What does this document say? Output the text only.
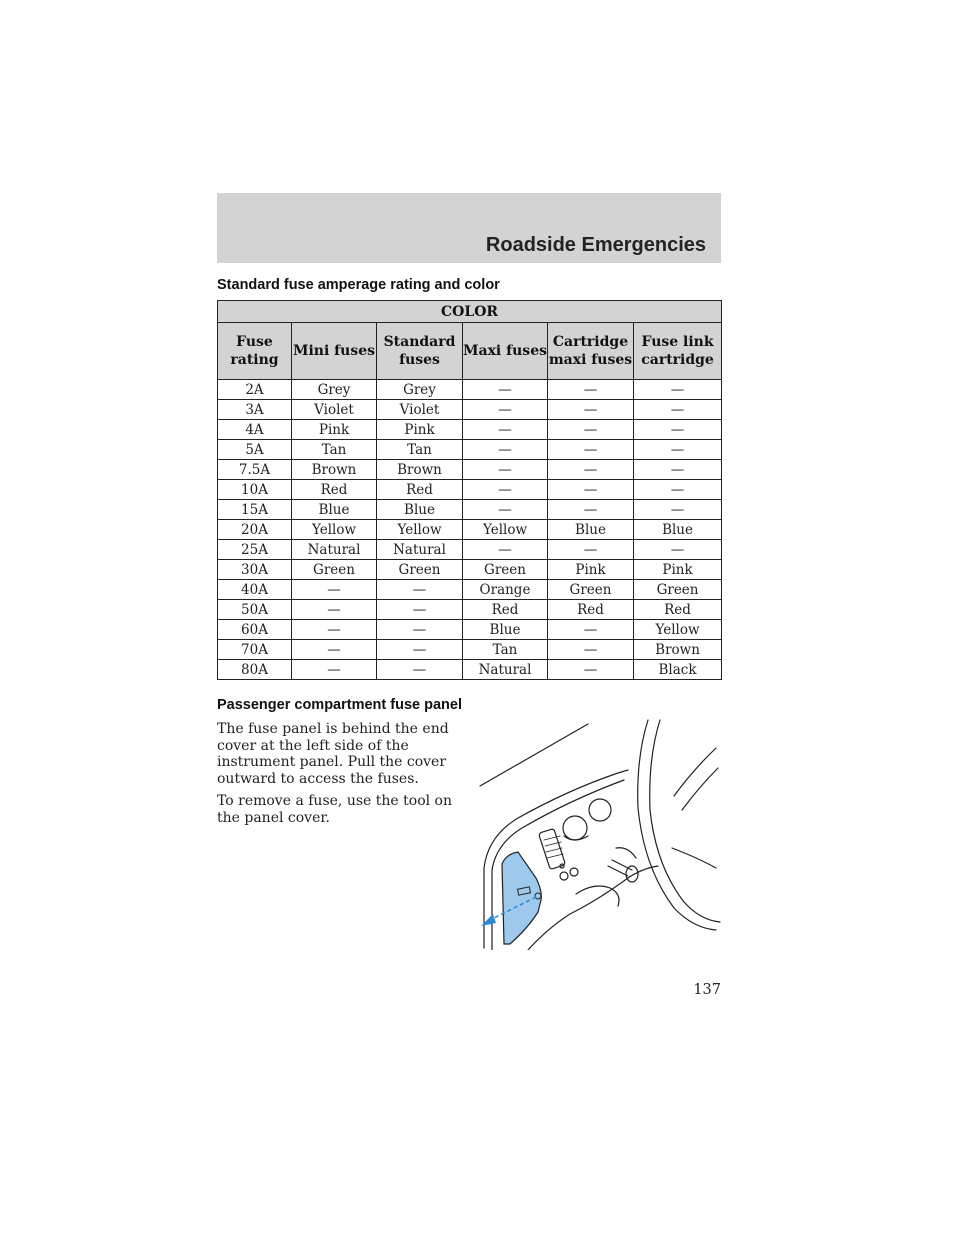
Roadside Emergencies
Standard fuse amperage rating and color
COLOR					
Fuse rating	Mini fuses	Standard fuses	Maxi fuses	Cartridge maxi fuses	Fuse link cartridge
2A	Grey	Grey	—	—	—
3A	Violet	Violet	—	—	—
4A	Pink	Pink	—	—	—
5A	Tan	Tan	—	—	—
7.5A	Brown	Brown	—	—	—
10A	Red	Red	—	—	—
15A	Blue	Blue	—	—	—
20A	Yellow	Yellow	Yellow	Blue	Blue
25A	Natural	Natural	—	—	—
30A	Green	Green	Green	Pink	Pink
40A	—	—	Orange	Green	Green
50A	—	—	Red	Red	Red
60A	—	—	Blue	—	Yellow
70A	—	—	Tan	—	Brown
80A	—	—	Natural	—	Black
Passenger compartment fuse panel

The fuse panel is behind the end cover at the left side of the instrument panel. Pull the cover outward to access the fuses.

To remove a fuse, use the tool on the panel cover.

137
